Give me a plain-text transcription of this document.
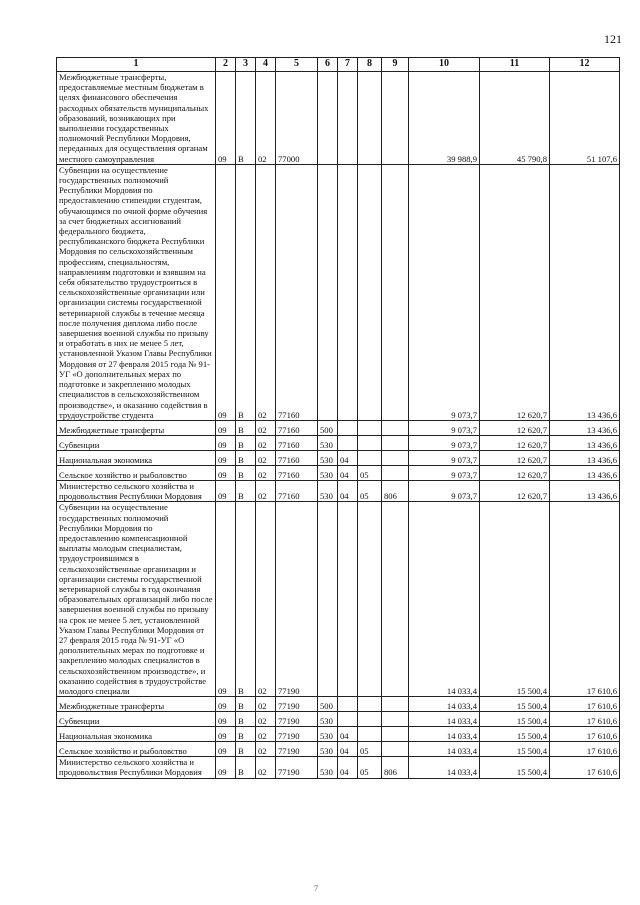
121
1	2	3	4	5	6	7	8	9	10	11	12
Межбюджетные трансферты, предоставляемые местным бюджетам в целях финансового обеспечения расходных обязательств муниципальных образований, возникающих при выполнении государственных полномочий Республики Мордовия, переданных для осуществления органам местного самоуправления	09	В	02	77000					39 988,9	45 790,8	51 107,6
Субвенции на осуществление государственных полномочий Республики Мордовия по предоставлению стипендии студентам, обучающимся по очной форме обучения за счет бюджетных ассигнований федерального бюджета, республиканского бюджета Республики Мордовия по сельскохозяйственным профессиям, специальностям, направлениям подготовки и взявшим на себя обязательство трудоустроиться в сельскохозяйственные организации или организации системы государственной ветеринарной службы в течение месяца после получения диплома либо после завершения военной службы по призыву и отработать в них не менее 5 лет, установленной Указом Главы Республики Мордовия от 27 февраля 2015 года № 91-УГ «О дополнительных мерах по подготовке и закреплению молодых специалистов в сельскохозяйственном производстве», и оказанию содействия в трудоустройстве студента	09	В	02	77160					9 073,7	12 620,7	13 436,6
Межбюджетные трансферты	09	В	02	77160	500				9 073,7	12 620,7	13 436,6
Субвенции	09	В	02	77160	530				9 073,7	12 620,7	13 436,6
Национальная экономика	09	В	02	77160	530	04			9 073,7	12 620,7	13 436,6
Сельское хозяйство и рыболовство	09	В	02	77160	530	04	05		9 073,7	12 620,7	13 436,6
Министерство сельского хозяйства и продовольствия Республики Мордовия	09	В	02	77160	530	04	05	806	9 073,7	12 620,7	13 436,6
Субвенции на осуществление государственных полномочий Республики Мордовия по предоставлению компенсационной выплаты молодым специалистам, трудоустроившимся в сельскохозяйственные организации и организации системы государственной ветеринарной службы в год окончания образовательных организаций либо после завершения военной службы по призыву на срок не менее 5 лет, установленной Указом Главы Республики Мордовия от 27 февраля 2015 года № 91-УГ «О дополнительных мерах по подготовке и закреплению молодых специалистов в сельскохозяйственном производстве», и оказанию содействия в трудоустройстве молодого специали	09	В	02	77190					14 033,4	15 500,4	17 610,6
Межбюджетные трансферты	09	В	02	77190	500				14 033,4	15 500,4	17 610,6
Субвенции	09	В	02	77190	530				14 033,4	15 500,4	17 610,6
Национальная экономика	09	В	02	77190	530	04			14 033,4	15 500,4	17 610,6
Сельское хозяйство и рыболовство	09	В	02	77190	530	04	05		14 033,4	15 500,4	17 610,6
Министерство сельского хозяйства и продовольствия Республики Мордовия	09	В	02	77190	530	04	05	806	14 033,4	15 500,4	17 610,6
7
